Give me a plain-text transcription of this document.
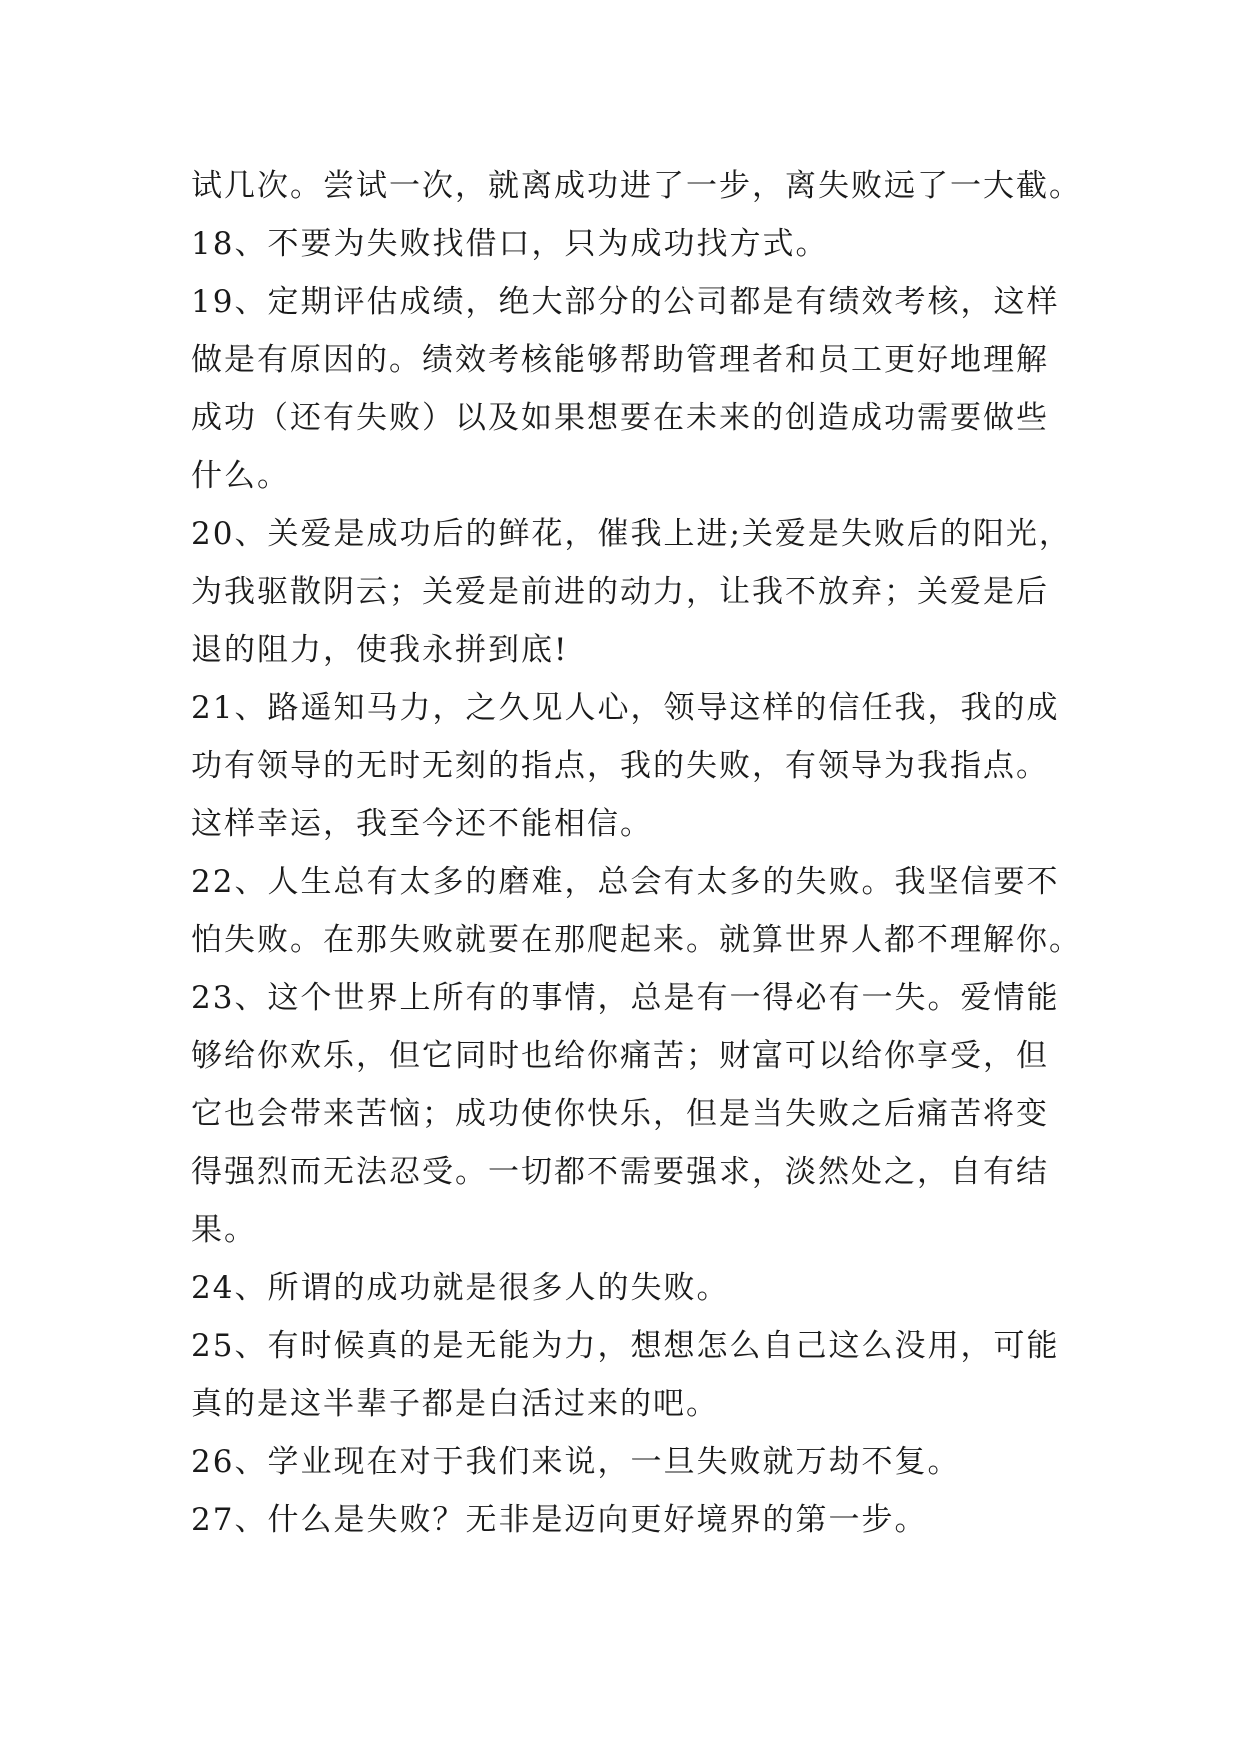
试几次。尝试一次，就离成功进了一步，离失败远了一大截。
18、不要为失败找借口，只为成功找方式。
19、定期评估成绩，绝大部分的公司都是有绩效考核，这样
做是有原因的。绩效考核能够帮助管理者和员工更好地理解
成功（还有失败）以及如果想要在未来的创造成功需要做些
什么。
20、关爱是成功后的鲜花，催我上进;关爱是失败后的阳光，
为我驱散阴云；关爱是前进的动力，让我不放弃；关爱是后
退的阻力，使我永拼到底!
21、路遥知马力，之久见人心，领导这样的信任我，我的成
功有领导的无时无刻的指点，我的失败，有领导为我指点。
这样幸运，我至今还不能相信。
22、人生总有太多的磨难，总会有太多的失败。我坚信要不
怕失败。在那失败就要在那爬起来。就算世界人都不理解你。
23、这个世界上所有的事情，总是有一得必有一失。爱情能
够给你欢乐，但它同时也给你痛苦；财富可以给你享受，但
它也会带来苦恼；成功使你快乐，但是当失败之后痛苦将变
得强烈而无法忍受。一切都不需要强求，淡然处之，自有结
果。
24、所谓的成功就是很多人的失败。
25、有时候真的是无能为力，想想怎么自己这么没用，可能
真的是这半辈子都是白活过来的吧。
26、学业现在对于我们来说，一旦失败就万劫不复。
27、什么是失败？无非是迈向更好境界的第一步。
